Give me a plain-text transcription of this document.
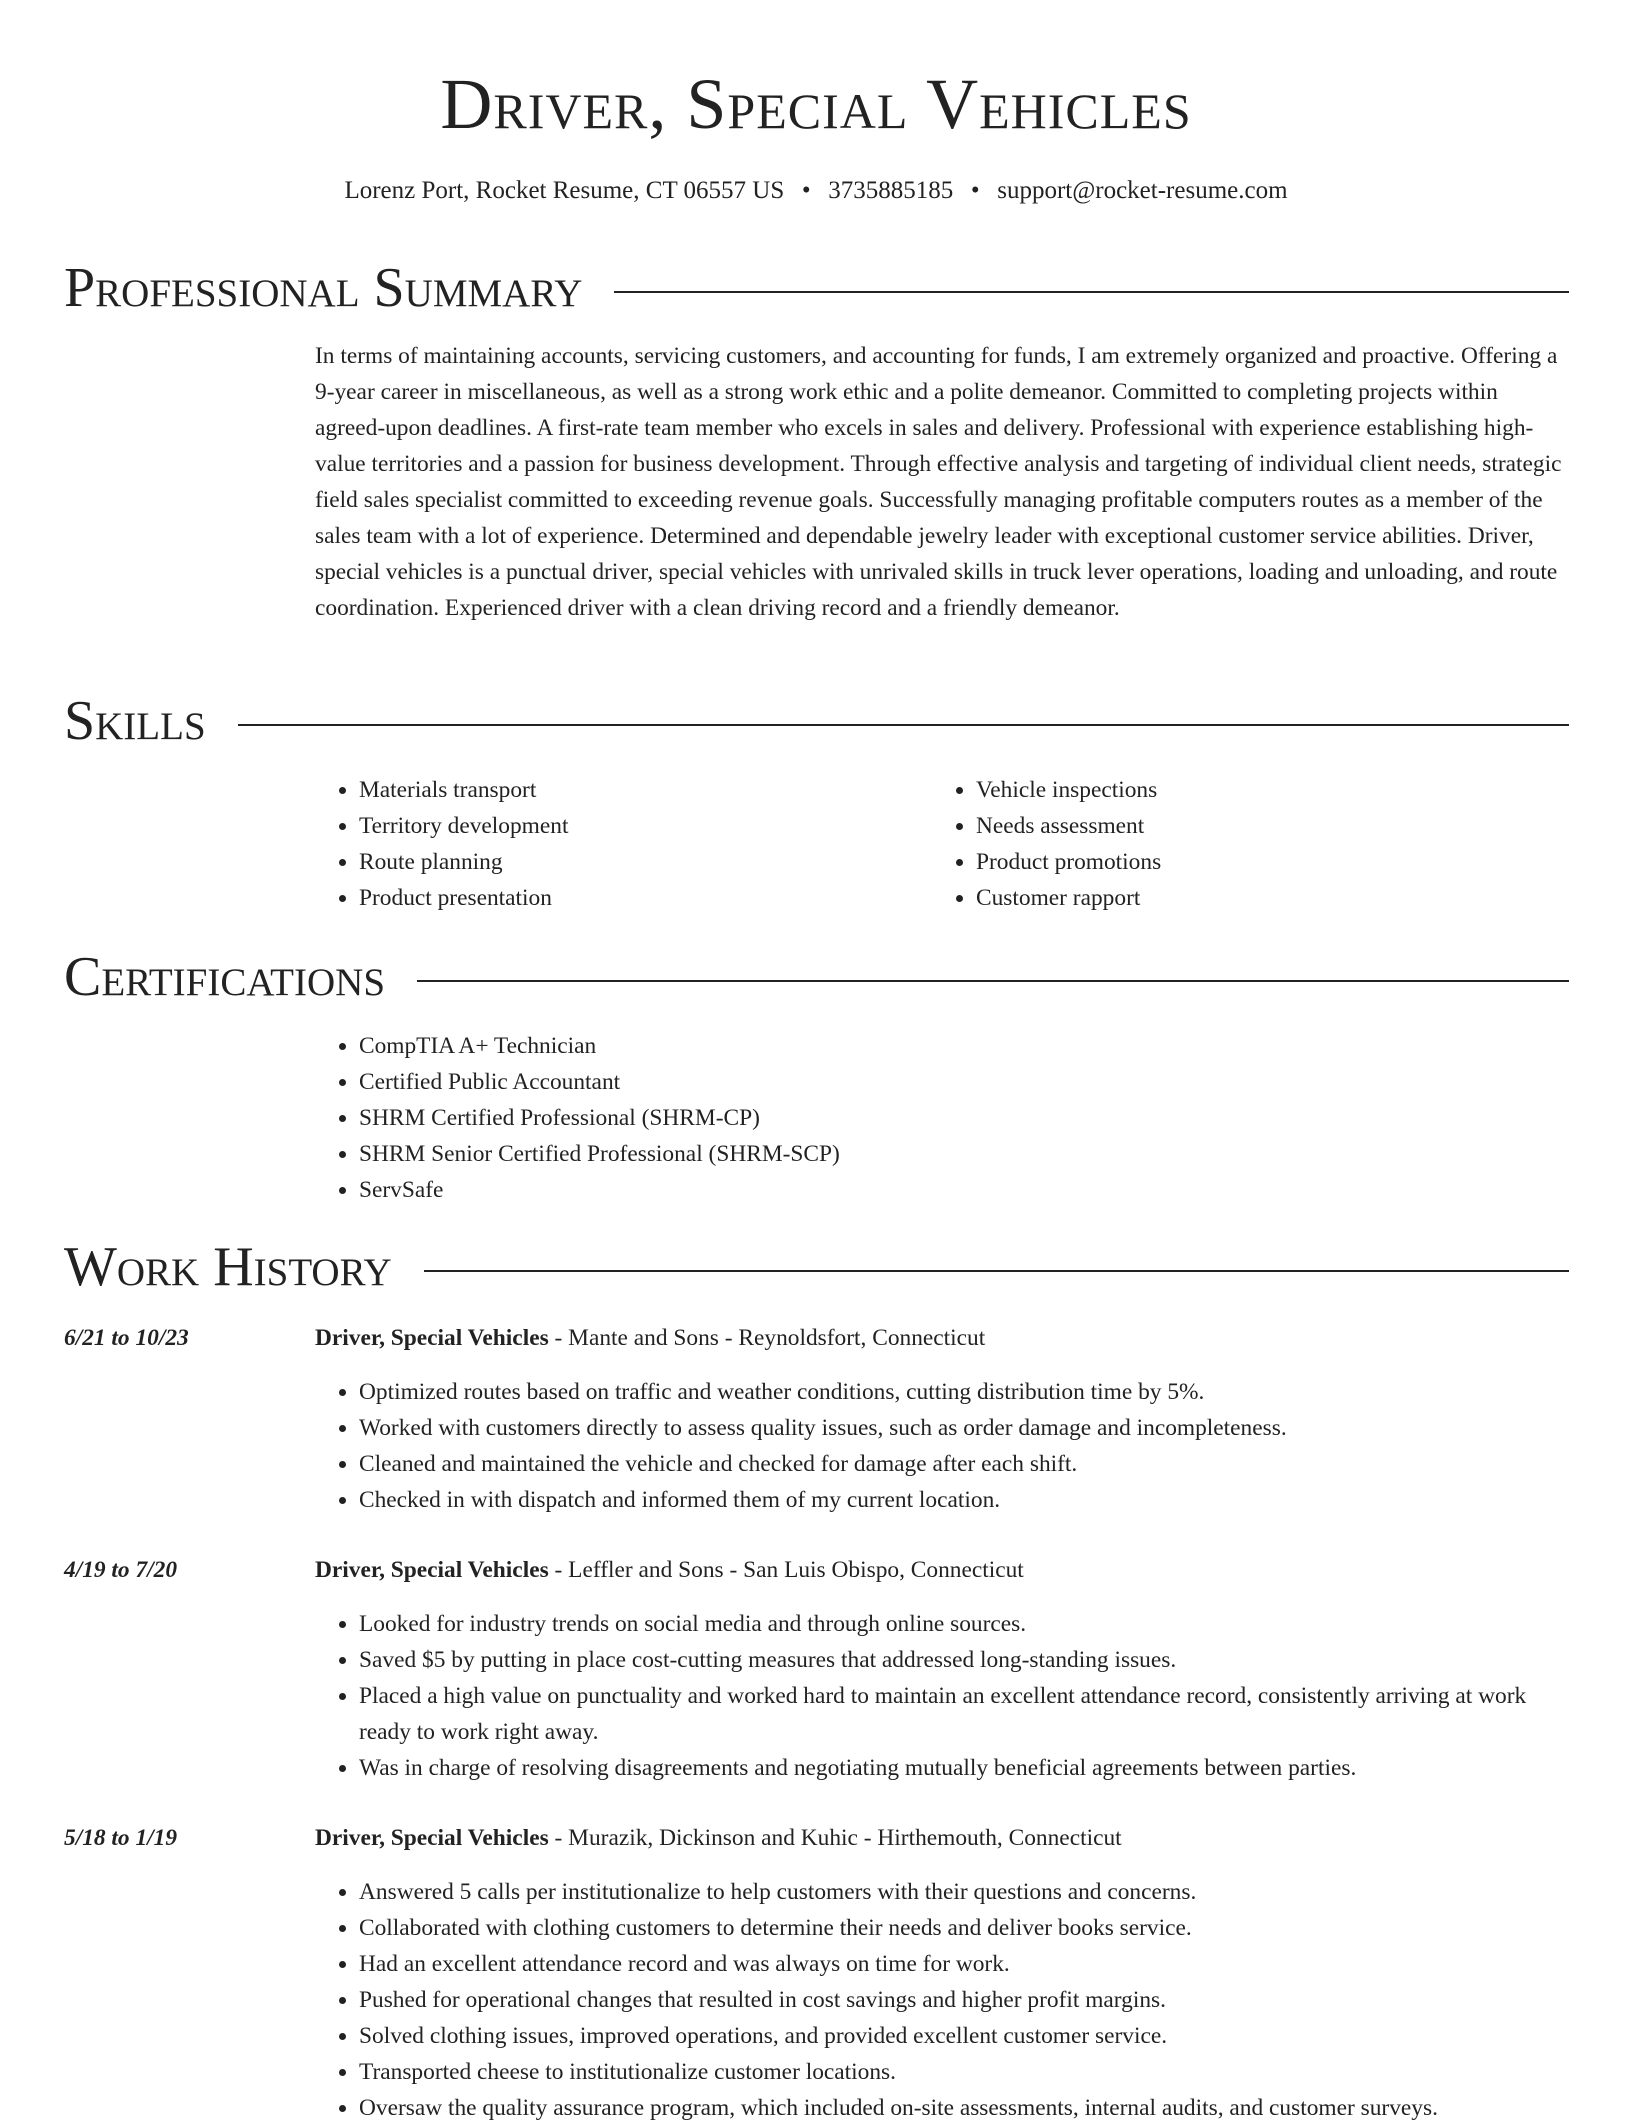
Driver, Special Vehicles
Lorenz Port, Rocket Resume, CT 06557 US • 3735885185 • support@rocket-resume.com
Professional Summary

In terms of maintaining accounts, servicing customers, and accounting for funds, I am extremely organized and proactive. Offering a 9-year career in miscellaneous, as well as a strong work ethic and a polite demeanor. Committed to completing projects within agreed-upon deadlines. A first-rate team member who excels in sales and delivery. Professional with experience establishing high-value territories and a passion for business development. Through effective analysis and targeting of individual client needs, strategic field sales specialist committed to exceeding revenue goals. Successfully managing profitable computers routes as a member of the sales team with a lot of experience. Determined and dependable jewelry leader with exceptional customer service abilities. Driver, special vehicles is a punctual driver, special vehicles with unrivaled skills in truck lever operations, loading and unloading, and route coordination. Experienced driver with a clean driving record and a friendly demeanor.

Skills
• Materials transport
• Territory development
• Route planning
• Product presentation
• Vehicle inspections
• Needs assessment
• Product promotions
• Customer rapport
Certifications
• CompTIA A+ Technician
• Certified Public Accountant
• SHRM Certified Professional (SHRM-CP)
• SHRM Senior Certified Professional (SHRM-SCP)
• ServSafe
Work History
6/21 to 10/23	Driver, Special Vehicles - Mante and Sons - Reynoldsfort, Connecticut
• Optimized routes based on traffic and weather conditions, cutting distribution time by 5%.
• Worked with customers directly to assess quality issues, such as order damage and incompleteness.
• Cleaned and maintained the vehicle and checked for damage after each shift.
• Checked in with dispatch and informed them of my current location.
4/19 to 7/20	Driver, Special Vehicles - Leffler and Sons - San Luis Obispo, Connecticut
• Looked for industry trends on social media and through online sources.
• Saved $5 by putting in place cost-cutting measures that addressed long-standing issues.
• Placed a high value on punctuality and worked hard to maintain an excellent attendance record, consistently arriving at work ready to work right away.
• Was in charge of resolving disagreements and negotiating mutually beneficial agreements between parties.
5/18 to 1/19	Driver, Special Vehicles - Murazik, Dickinson and Kuhic - Hirthemouth, Connecticut
• Answered 5 calls per institutionalize to help customers with their questions and concerns.
• Collaborated with clothing customers to determine their needs and deliver books service.
• Had an excellent attendance record and was always on time for work.
• Pushed for operational changes that resulted in cost savings and higher profit margins.
• Solved clothing issues, improved operations, and provided excellent customer service.
• Transported cheese to institutionalize customer locations.
• Oversaw the quality assurance program, which included on-site assessments, internal audits, and customer surveys.
